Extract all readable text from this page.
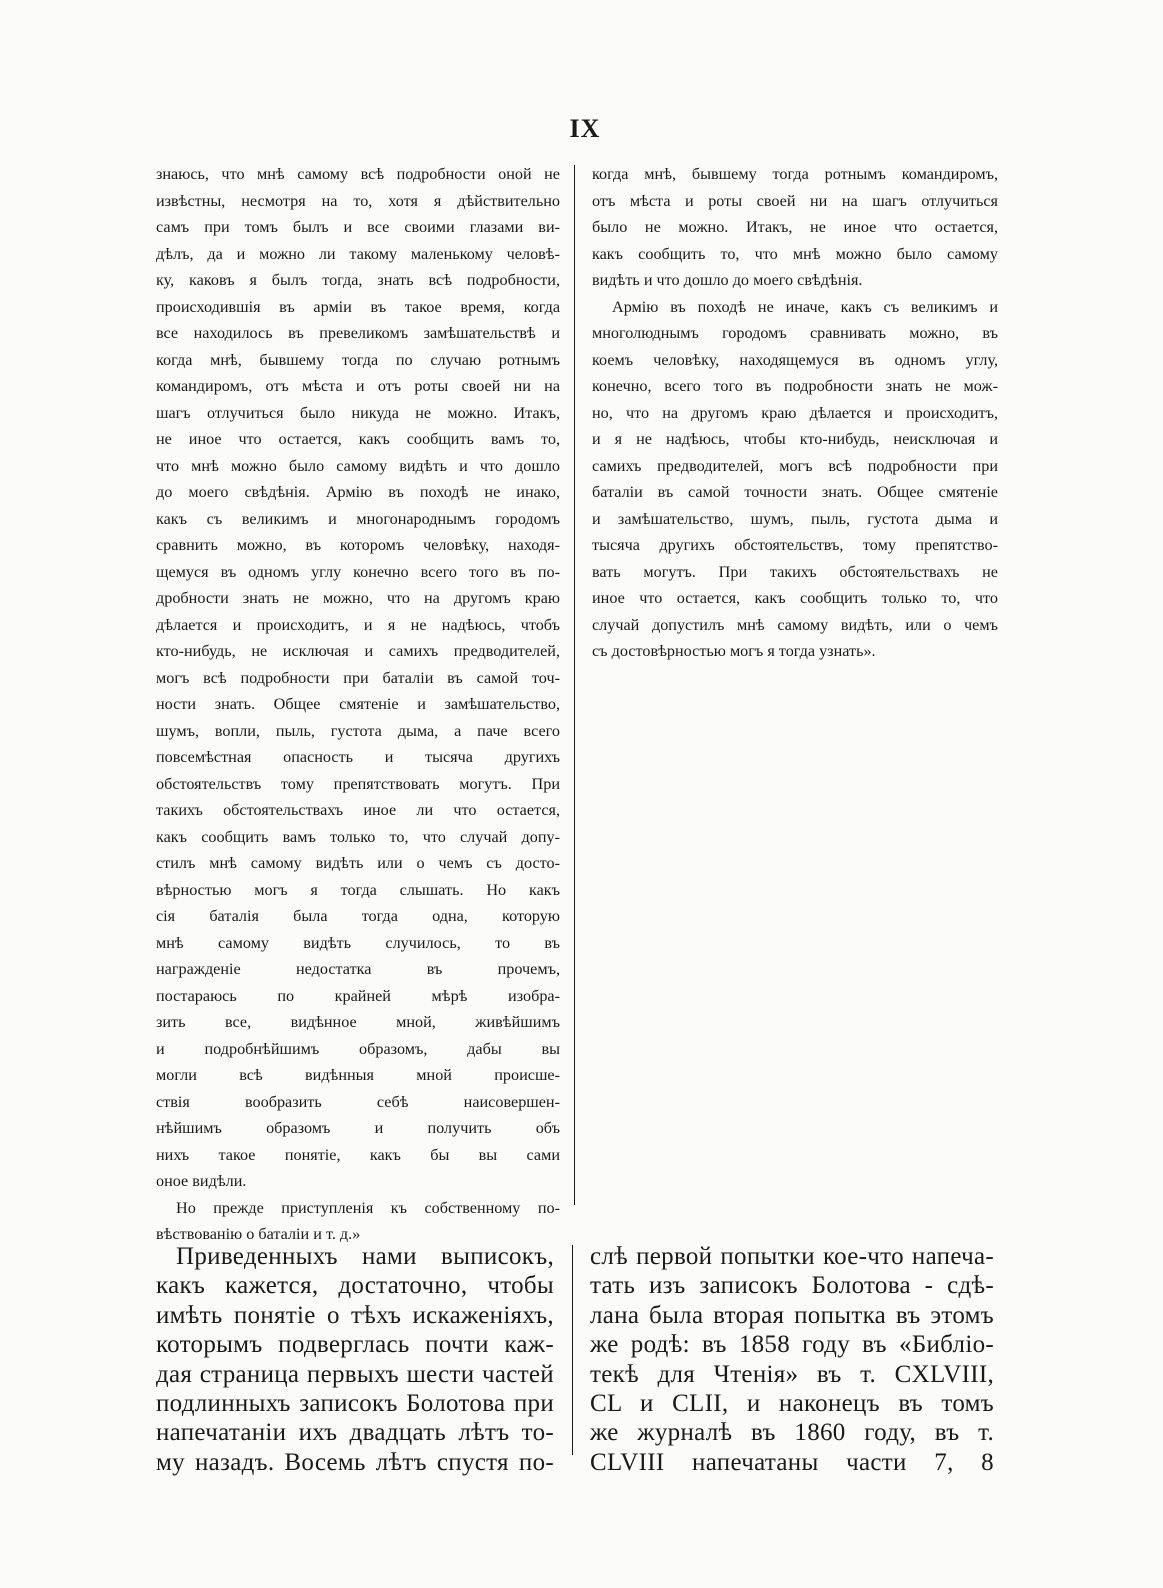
IX
знаюсь, что мнѣ самому всѣ подробности оной не
извѣстны, несмотря на то, хотя я дѣйствительно
самъ при томъ былъ и все своими глазами ви-
дѣлъ, да и можно ли такому маленькому человѣ-
ку, каковъ я былъ тогда, знать всѣ подробности,
происходившія въ арміи въ такое время, когда
все находилось въ превеликомъ замѣшательствѣ и
когда мнѣ, бывшему тогда по случаю ротнымъ
командиромъ, отъ мѣста и отъ роты своей ни на
шагъ отлучиться было никуда не можно. Итакъ,
не иное что остается, какъ сообщить вамъ то,
что мнѣ можно было самому видѣть и что дошло
до моего свѣдѣнія. Армію въ походѣ не инако,
какъ съ великимъ и многонароднымъ городомъ
сравнить можно, въ которомъ человѣку, находя-
щемуся въ одномъ углу конечно всего того въ по-
дробности знать не можно, что на другомъ краю
дѣлается и происходитъ, и я не надѣюсь, чтобъ
кто-нибудь, не исключая и самихъ предводителей,
могъ всѣ подробности при баталіи въ самой точ-
ности знать. Общее смятеніе и замѣшательство,
шумъ, вопли, пыль, густота дыма, а паче всего
повсемѣстная опасность и тысяча другихъ
обстоятельствъ тому препятствовать могутъ. При
такихъ обстоятельствахъ иное ли что остается,
какъ сообщить вамъ только то, что случай допу-
стилъ мнѣ самому видѣть или о чемъ съ досто-
вѣрностью могъ я тогда слышать. Но какъ
сія баталія была тогда одна, которую
мнѣ самому видѣть случилось, то въ
награжденіе недостатка въ прочемъ,
постараюсь по крайней мѣрѣ изобра-
зить все, видѣнное мной, живѣйшимъ
и подробнѣйшимъ образомъ, дабы вы
могли всѣ видѣнныя мной происше-
ствія вообразить себѣ наисовершен-
нѣйшимъ образомъ и получить объ
нихъ такое понятіе, какъ бы вы сами
оное видѣли.
Но прежде приступленія къ собственному по-
вѣствованію о баталіи и т. д.»
когда мнѣ, бывшему тогда ротнымъ командиромъ,
отъ мѣста и роты своей ни на шагъ отлучиться
было не можно. Итакъ, не иное что остается,
какъ сообщить то, что мнѣ можно было самому
видѣть и что дошло до моего свѣдѣнія.
Армію въ походѣ не иначе, какъ съ великимъ и
многолюднымъ городомъ сравнивать можно, въ
коемъ человѣку, находящемуся въ одномъ углу,
конечно, всего того въ подробности знать не мож-
но, что на другомъ краю дѣлается и происходитъ,
и я не надѣюсь, чтобы кто-нибудь, неисключая и
самихъ предводителей, могъ всѣ подробности при
баталіи въ самой точности знать. Общее смятеніе
и замѣшательство, шумъ, пыль, густота дыма и
тысяча другихъ обстоятельствъ, тому препятство-
вать могутъ. При такихъ обстоятельствахъ не
иное что остается, какъ сообщить только то, что
случай допустилъ мнѣ самому видѣть, или о чемъ
съ достовѣрностью могъ я тогда узнать».
Приведенныхъ нами выписокъ,
какъ кажется, достаточно, чтобы
имѣть понятіе о тѣхъ искаженіяхъ,
которымъ подверглась почти каж-
дая страница первыхъ шести частей
подлинныхъ записокъ Болотова при
напечатаніи ихъ двадцать лѣтъ то-
му назадъ. Восемь лѣтъ спустя по-
слѣ первой попытки кое-что напеча-
тать изъ записокъ Болотова - сдѣ-
лана была вторая попытка въ этомъ
же родѣ: въ 1858 году въ «Библіо-
текѣ для Чтенія» въ т. CXLVIII,
CL и CLII, и наконецъ въ томъ
же журналѣ въ 1860 году, въ т.
CLVIII напечатаны части 7, 8
